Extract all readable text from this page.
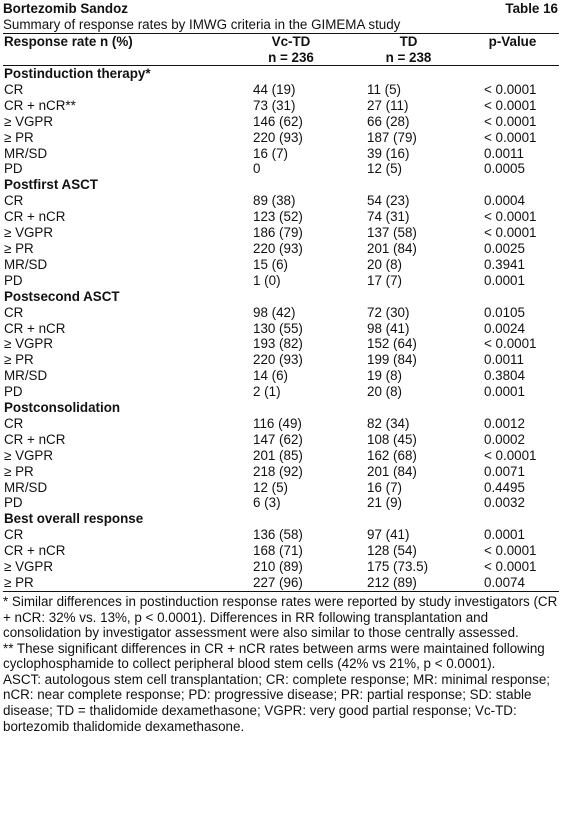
Bortezomib Sandoz	Table 16
Summary of response rates by IMWG criteria in the GIMEMA study
Response rate n (%)	Vc-TD	TD	p-Value
	n = 236	n = 238	
Postinduction therapy*			
CR	44 (19)	11 (5)	< 0.0001
CR + nCR**	73 (31)	27 (11)	< 0.0001
≥ VGPR	146 (62)	66 (28)	< 0.0001
≥ PR	220 (93)	187 (79)	< 0.0001
MR/SD	16 (7)	39 (16)	0.0011
PD	0	12 (5)	0.0005
Postfirst ASCT			
CR	89 (38)	54 (23)	0.0004
CR + nCR	123 (52)	74 (31)	< 0.0001
≥ VGPR	186 (79)	137 (58)	< 0.0001
≥ PR	220 (93)	201 (84)	0.0025
MR/SD	15 (6)	20 (8)	0.3941
PD	1 (0)	17 (7)	0.0001
Postsecond ASCT			
CR	98 (42)	72 (30)	0.0105
CR + nCR	130 (55)	98 (41)	0.0024
≥ VGPR	193 (82)	152 (64)	< 0.0001
≥ PR	220 (93)	199 (84)	0.0011
MR/SD	14 (6)	19 (8)	0.3804
PD	2 (1)	20 (8)	0.0001
Postconsolidation			
CR	116 (49)	82 (34)	0.0012
CR + nCR	147 (62)	108 (45)	0.0002
≥ VGPR	201 (85)	162 (68)	< 0.0001
≥ PR	218 (92)	201 (84)	0.0071
MR/SD	12 (5)	16 (7)	0.4495
PD	6 (3)	21 (9)	0.0032
Best overall response			
CR	136 (58)	97 (41)	0.0001
CR + nCR	168 (71)	128 (54)	< 0.0001
≥ VGPR	210 (89)	175 (73.5)	< 0.0001
≥ PR	227 (96)	212 (89)	0.0074

* Similar differences in postinduction response rates were reported by study investigators (CR + nCR: 32% vs. 13%, p < 0.0001). Differences in RR following transplantation and consolidation by investigator assessment were also similar to those centrally assessed.

** These significant differences in CR + nCR rates between arms were maintained following cyclophosphamide to collect peripheral blood stem cells (42% vs 21%, p < 0.0001).

ASCT: autologous stem cell transplantation; CR: complete response; MR: minimal response; nCR: near complete response; PD: progressive disease; PR: partial response; SD: stable disease; TD = thalidomide dexamethasone; VGPR: very good partial response; Vc-TD: bortezomib thalidomide dexamethasone.
